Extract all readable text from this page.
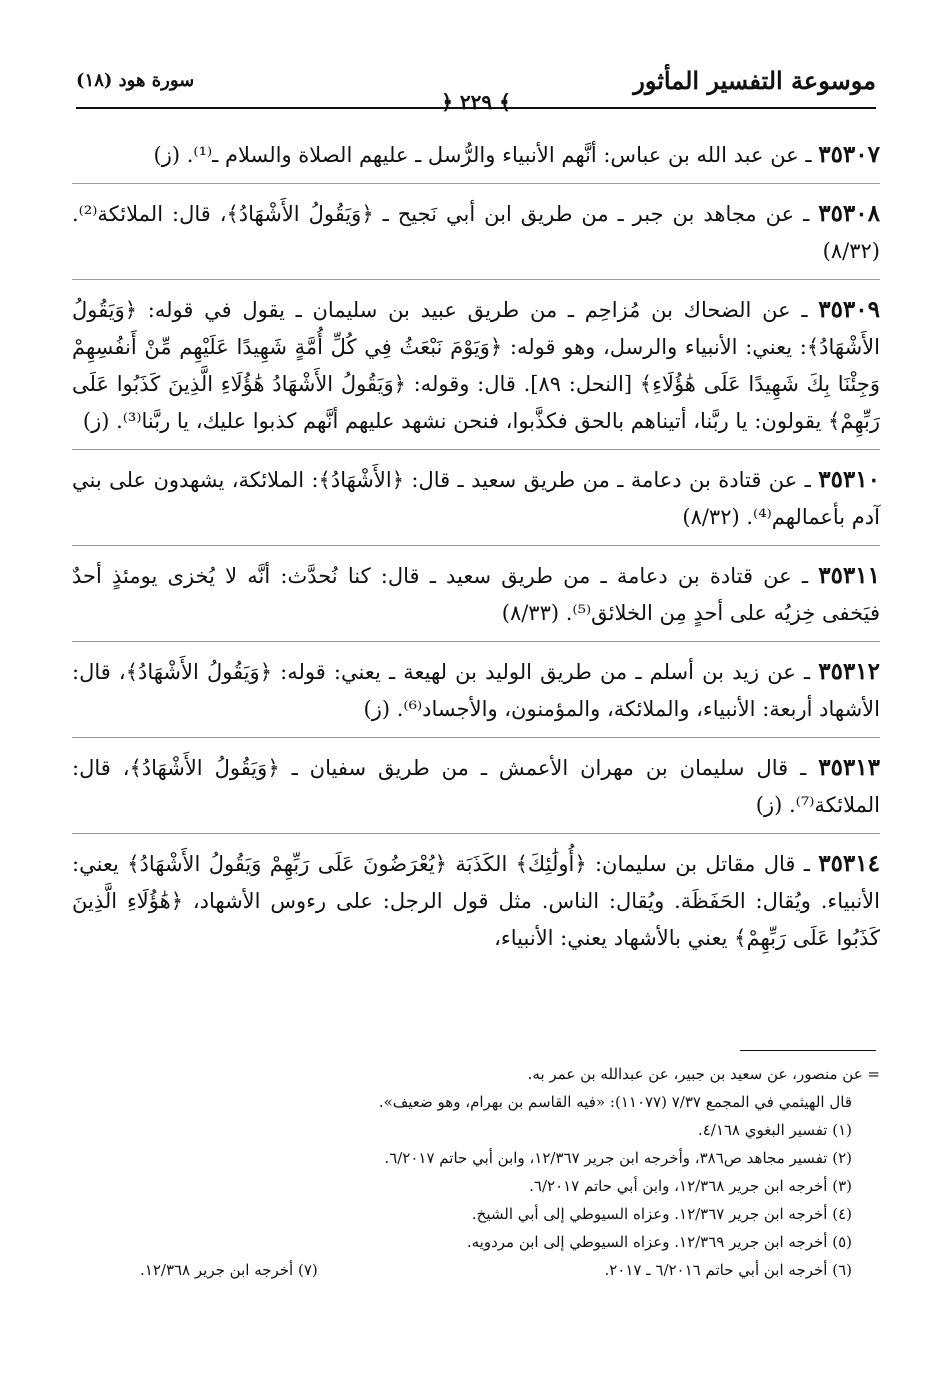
موسوعة التفسير المأثور
سورة هود (١٨)
﴾ ٢٢٩ ﴿

٣٥٣٠٧ ـ عن عبد الله بن عباس: أنَّهم الأنبياء والرُّسل ـ عليهم الصلاة والسلام ـ⁽¹⁾. (ز)

٣٥٣٠٨ ـ عن مجاهد بن جبر ـ من طريق ابن أبي نَجيح ـ ﴿وَيَقُولُ الأَشْهَادُ﴾، قال: الملائكة⁽²⁾. (٨/٣٢)

٣٥٣٠٩ ـ عن الضحاك بن مُزاحِم ـ من طريق عبيد بن سليمان ـ يقول في قوله: ﴿وَيَقُولُ الأَشْهَادُ﴾: يعني: الأنبياء والرسل، وهو قوله: ﴿وَيَوْمَ نَبْعَثُ فِي كُلِّ أُمَّةٍ شَهِيدًا عَلَيْهِم مِّنْ أَنفُسِهِمْ وَجِئْنَا بِكَ شَهِيدًا عَلَى هَٰؤُلَاءِ﴾ [النحل: ٨٩]. قال: وقوله: ﴿وَيَقُولُ الأَشْهَادُ هَٰؤُلَاءِ الَّذِينَ كَذَبُوا عَلَى رَبِّهِمْ﴾ يقولون: يا ربَّنا، أتيناهم بالحق فكذَّبوا، فنحن نشهد عليهم أنَّهم كذبوا عليك، يا ربَّنا⁽³⁾. (ز)

٣٥٣١٠ ـ عن قتادة بن دعامة ـ من طريق سعيد ـ قال: ﴿الأَشْهَادُ﴾: الملائكة، يشهدون على بني آدم بأعمالهم⁽⁴⁾. (٨/٣٢)

٣٥٣١١ ـ عن قتادة بن دعامة ـ من طريق سعيد ـ قال: كنا نُحدَّث: أنَّه لا يُخزى يومئذٍ أحدٌ فيَخفى خِزيُه على أحدٍ مِن الخلائق⁽⁵⁾. (٨/٣٣)

٣٥٣١٢ ـ عن زيد بن أسلم ـ من طريق الوليد بن لهيعة ـ يعني: قوله: ﴿وَيَقُولُ الأَشْهَادُ﴾، قال: الأشهاد أربعة: الأنبياء، والملائكة، والمؤمنون، والأجساد⁽⁶⁾. (ز)

٣٥٣١٣ ـ قال سليمان بن مهران الأعمش ـ من طريق سفيان ـ ﴿وَيَقُولُ الأَشْهَادُ﴾، قال: الملائكة⁽⁷⁾. (ز)

٣٥٣١٤ ـ قال مقاتل بن سليمان: ﴿أُولَٰئِكَ﴾ الكَذَبَة ﴿يُعْرَضُونَ عَلَى رَبِّهِمْ وَيَقُولُ الأَشْهَادُ﴾ يعني: الأنبياء. ويُقال: الحَفَظَة. ويُقال: الناس. مثل قول الرجل: على رءوس الأشهاد، ﴿هَٰؤُلَاءِ الَّذِينَ كَذَبُوا عَلَى رَبِّهِمْ﴾ يعني بالأشهاد يعني: الأنبياء،

= عن منصور، عن سعيد بن جبير، عن عبدالله بن عمر به.
قال الهيثمي في المجمع ٧/٣٧ (١١٠٧٧): «فيه القاسم بن بهرام، وهو ضعيف».
(١) تفسير البغوي ٤/١٦٨.
(٢) تفسير مجاهد ص٣٨٦، وأخرجه ابن جرير ١٢/٣٦٧، وابن أبي حاتم ٦/٢٠١٧.
(٣) أخرجه ابن جرير ١٢/٣٦٨، وابن أبي حاتم ٦/٢٠١٧.
(٤) أخرجه ابن جرير ١٢/٣٦٧. وعزاه السيوطي إلى أبي الشيخ.
(٥) أخرجه ابن جرير ١٢/٣٦٩. وعزاه السيوطي إلى ابن مردويه.
(٦) أخرجه ابن أبي حاتم ٦/٢٠١٦ ـ ٢٠١٧.
(٧) أخرجه ابن جرير ١٢/٣٦٨.
